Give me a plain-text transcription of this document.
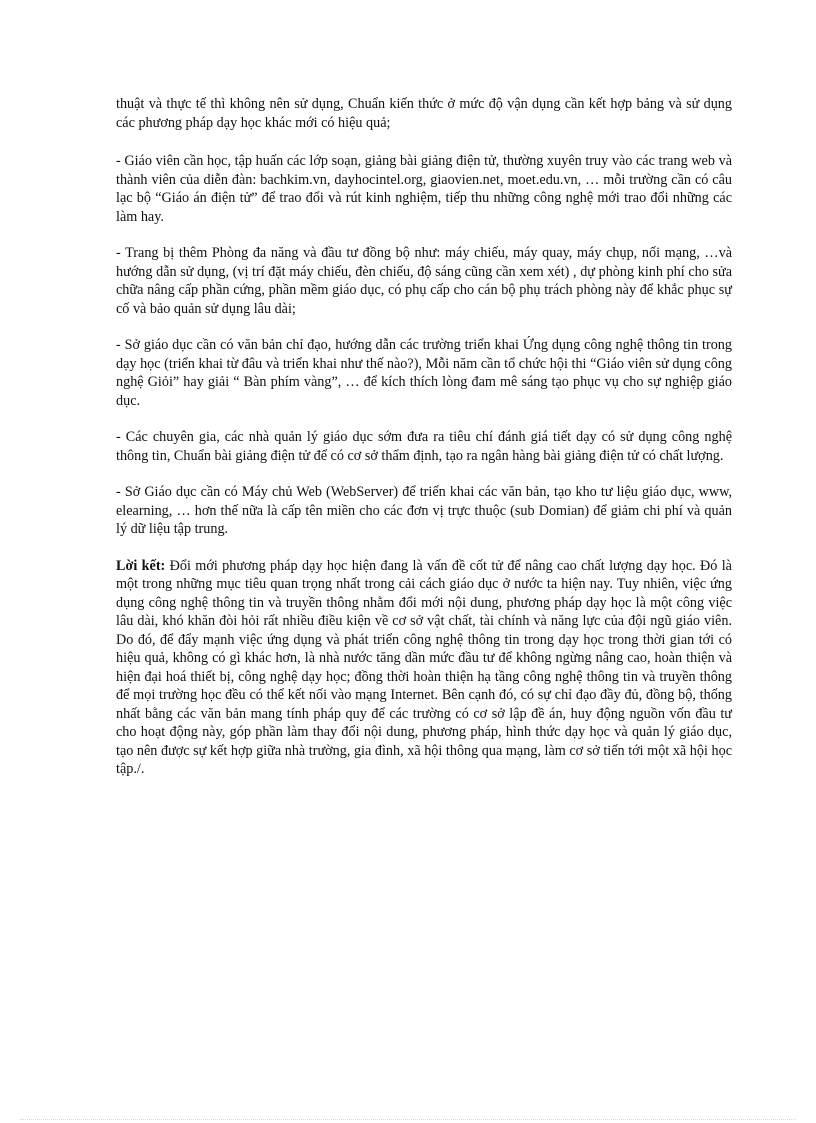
thuật và thực tế thì không nên sử dụng, Chuẩn kiến thức ở mức độ vận dụng cần kết hợp bảng và sử dụng các phương pháp dạy học khác mới có hiệu quả;

- Giáo viên cần học, tập huấn các lớp soạn, giảng bài giảng điện tử, thường xuyên truy vào các trang web và thành viên của diễn đàn: bachkim.vn, dayhocintel.org, giaovien.net, moet.edu.vn, … mỗi trường cần có câu lạc bộ “Giáo án điện tử” để trao đổi và rút kinh nghiệm, tiếp thu những công nghệ mới trao đổi những các làm hay.

- Trang bị thêm Phòng đa năng và đầu tư đồng bộ như: máy chiếu, máy quay, máy chụp, nối mạng, …và hướng dẫn sử dụng, (vị trí đặt máy chiếu, đèn chiếu, độ sáng cũng cần xem xét) , dự phòng kinh phí cho sửa chữa nâng cấp phần cứng, phần mềm giáo dục, có phụ cấp cho cán bộ phụ trách phòng này để khắc phục sự cố và bảo quản sử dụng lâu dài;

- Sở giáo dục cần có văn bản chỉ đạo, hướng dẫn các trường triển khai Ứng dụng công nghệ thông tin trong dạy học (triển khai từ đâu và triển khai như thế nào?), Mỗi năm cần tổ chức hội thi “Giáo viên sử dụng công nghệ Giỏi” hay giải “ Bàn phím vàng”, … để kích thích lòng đam mê sáng tạo phục vụ cho sự nghiệp giáo dục.

- Các chuyên gia, các nhà quản lý giáo dục sớm đưa ra tiêu chí đánh giá tiết dạy có sử dụng công nghệ thông tin, Chuẩn bài giảng điện tử để có cơ sở thẩm định, tạo ra ngân hàng bài giảng điện tử có chất lượng.

- Sở Giáo dục cần có Máy chủ Web (WebServer) để triển khai các văn bản, tạo kho tư liệu giáo dục, www, elearning, … hơn thế nữa là cấp tên miền cho các đơn vị trực thuộc (sub Domian) để giảm chi phí và quản lý dữ liệu tập trung.

Lời kết: Đổi mới phương pháp dạy học hiện đang là vấn đề cốt tử để nâng cao chất lượng dạy học. Đó là một trong những mục tiêu quan trọng nhất trong cải cách giáo dục ở nước ta hiện nay. Tuy nhiên, việc ứng dụng công nghệ thông tin và truyền thông nhằm đổi mới nội dung, phương pháp dạy học là một công việc lâu dài, khó khăn đòi hỏi rất nhiều điều kiện về cơ sở vật chất, tài chính và năng lực của đội ngũ giáo viên. Do đó, để đẩy mạnh việc ứng dụng và phát triển công nghệ thông tin trong dạy học trong thời gian tới có hiệu quả, không có gì khác hơn, là nhà nước tăng dần mức đầu tư để không ngừng nâng cao, hoàn thiện và hiện đại hoá thiết bị, công nghệ dạy học; đồng thời hoàn thiện hạ tầng công nghệ thông tin và truyền thông để mọi trường học đều có thể kết nối vào mạng Internet. Bên cạnh đó, có sự chỉ đạo đầy đủ, đồng bộ, thống nhất bằng các văn bản mang tính pháp quy để các trường có cơ sở lập đề án, huy động nguồn vốn đầu tư cho hoạt động này, góp phần làm thay đổi nội dung, phương pháp, hình thức dạy học và quản lý giáo dục, tạo nên được sự kết hợp giữa nhà trường, gia đình, xã hội thông qua mạng, làm cơ sở tiến tới một xã hội học tập./.
